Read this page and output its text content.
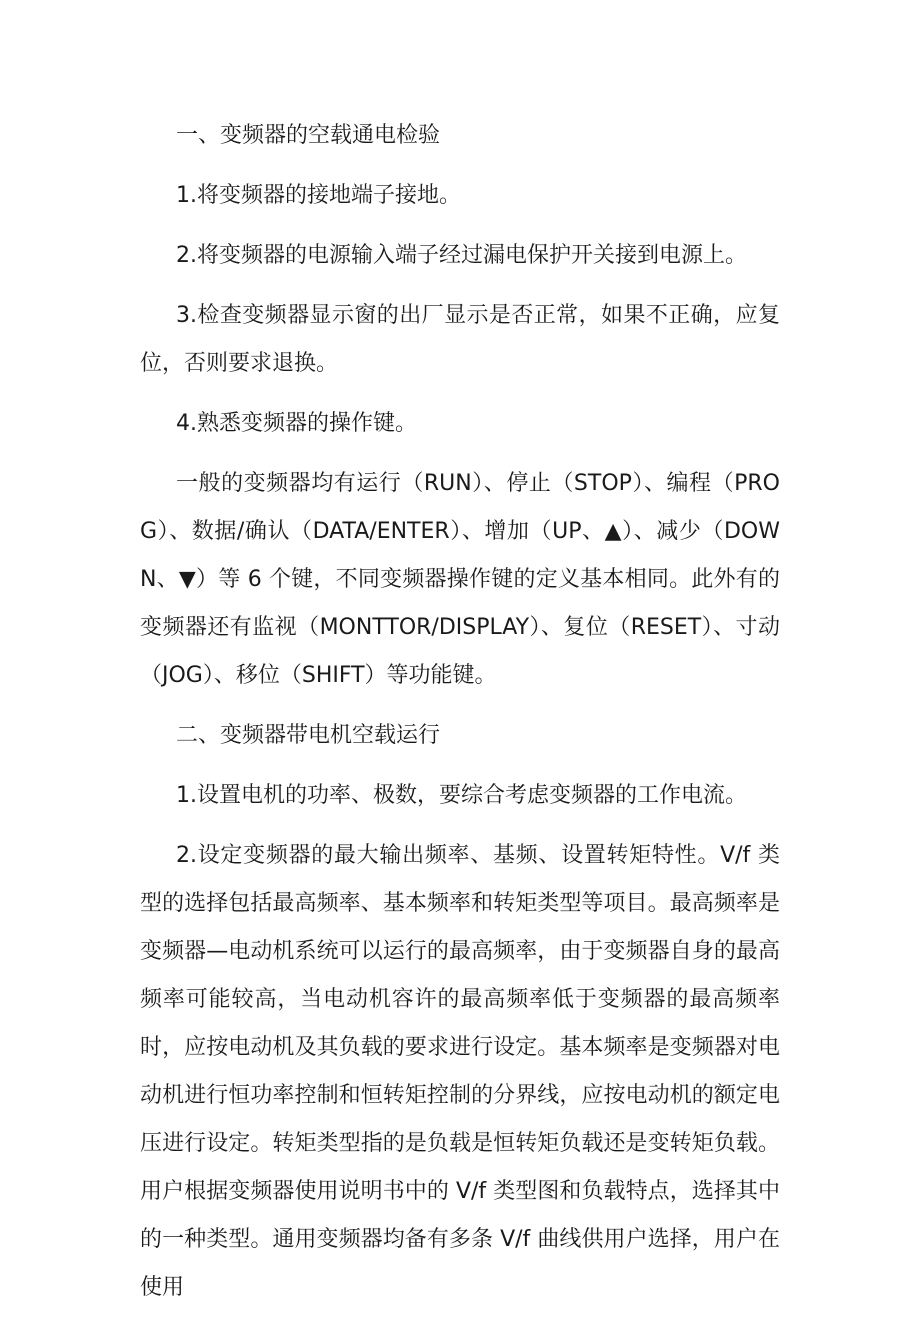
一、变频器的空载通电检验

1.将变频器的接地端子接地。

2.将变频器的电源输入端子经过漏电保护开关接到电源上。

3.检查变频器显示窗的出厂显示是否正常，如果不正确，应复位，否则要求退换。

4.熟悉变频器的操作键。

一般的变频器均有运行（RUN）、停止（STOP）、编程（PROG）、数据/确认（DATA/ENTER）、增加（UP、▲）、减少（DOWN、▼）等 6 个键，不同变频器操作键的定义基本相同。此外有的变频器还有监视（MONTTOR/DISPLAY）、复位（RESET）、寸动（JOG）、移位（SHIFT）等功能键。

二、变频器带电机空载运行

1.设置电机的功率、极数，要综合考虑变频器的工作电流。

2.设定变频器的最大输出频率、基频、设置转矩特性。V/f 类型的选择包括最高频率、基本频率和转矩类型等项目。最高频率是变频器—电动机系统可以运行的最高频率，由于变频器自身的最高频率可能较高，当电动机容许的最高频率低于变频器的最高频率时，应按电动机及其负载的要求进行设定。基本频率是变频器对电动机进行恒功率控制和恒转矩控制的分界线，应按电动机的额定电压进行设定。转矩类型指的是负载是恒转矩负载还是变转矩负载。用户根据变频器使用说明书中的 V/f 类型图和负载特点，选择其中的一种类型。通用变频器均备有多条 V/f 曲线供用户选择，用户在使用
